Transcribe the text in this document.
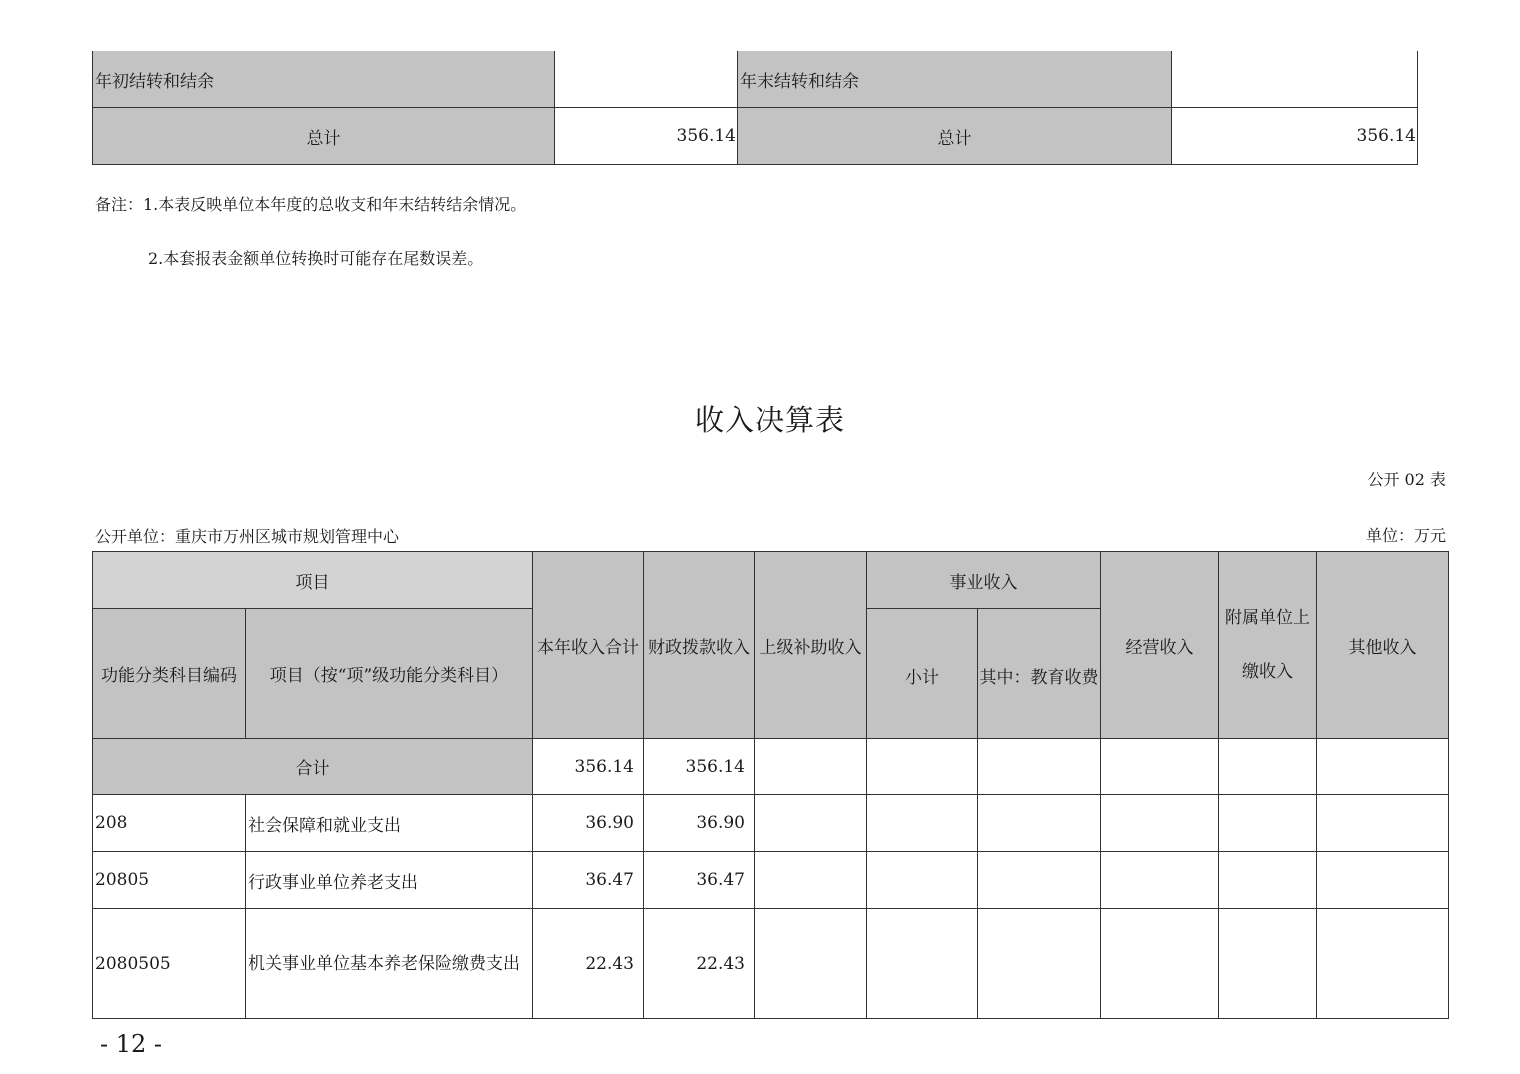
年初结转和结余		年末结转和结余	
总计	356.14	总计	356.14
备注：1.本表反映单位本年度的总收支和年末结转结余情况。
2.本套报表金额单位转换时可能存在尾数误差。
收入决算表
公开 02 表
公开单位：重庆市万州区城市规划管理中心	单位：万元
项目		本年收入合计	财政拨款收入	上级补助收入	事业收入		经营收入	附属单位上缴收入	其他收入
功能分类科目编码	项目（按“项”级功能分类科目）				小计	其中：教育收费			
合计		356.14	356.14						
208	社会保障和就业支出	36.90	36.90						
20805	行政事业单位养老支出	36.47	36.47						
2080505	机关事业单位基本养老保险缴费支出	22.43	22.43						
- 12 -
